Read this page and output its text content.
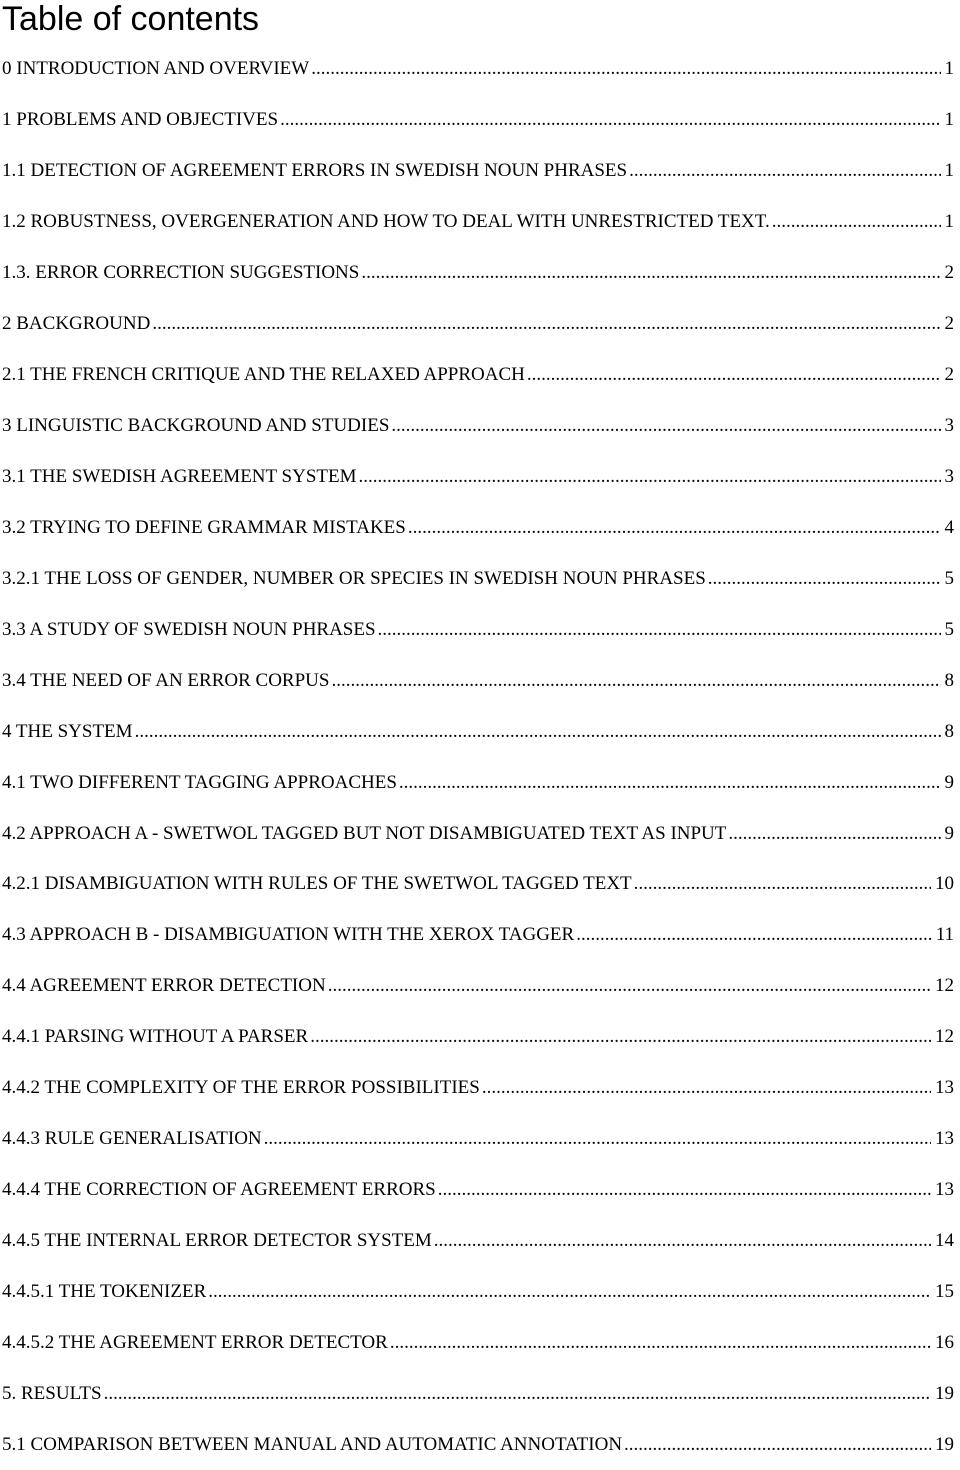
Table of contents
0 INTRODUCTION AND OVERVIEW .....	1
1 PROBLEMS AND OBJECTIVES .....	1
1.1 DETECTION OF AGREEMENT ERRORS IN SWEDISH NOUN PHRASES .....	1
1.2 ROBUSTNESS, OVERGENERATION AND HOW TO DEAL WITH UNRESTRICTED TEXT. .....	1
1.3. ERROR CORRECTION SUGGESTIONS .....	2
2 BACKGROUND .....	2
2.1 THE FRENCH CRITIQUE AND THE RELAXED APPROACH .....	2
3 LINGUISTIC BACKGROUND AND STUDIES .....	3
3.1 THE SWEDISH AGREEMENT SYSTEM .....	3
3.2 TRYING TO DEFINE GRAMMAR MISTAKES .....	4
3.2.1 THE LOSS OF GENDER, NUMBER OR SPECIES IN SWEDISH NOUN PHRASES .....	5
3.3 A STUDY OF SWEDISH NOUN PHRASES .....	5
3.4 THE NEED OF AN ERROR CORPUS .....	8
4 THE SYSTEM .....	8
4.1 TWO DIFFERENT TAGGING APPROACHES .....	9
4.2 APPROACH A - SWETWOL TAGGED BUT NOT DISAMBIGUATED TEXT AS INPUT .....	9
4.2.1 DISAMBIGUATION WITH RULES OF THE SWETWOL TAGGED TEXT .....	10
4.3 APPROACH B - DISAMBIGUATION WITH THE XEROX TAGGER .....	11
4.4 AGREEMENT ERROR DETECTION .....	12
4.4.1 PARSING WITHOUT A PARSER .....	12
4.4.2 THE COMPLEXITY OF THE ERROR POSSIBILITIES .....	13
4.4.3 RULE GENERALISATION .....	13
4.4.4 THE CORRECTION OF AGREEMENT ERRORS .....	13
4.4.5 THE INTERNAL ERROR DETECTOR SYSTEM .....	14
4.4.5.1 THE TOKENIZER .....	15
4.4.5.2 THE AGREEMENT ERROR DETECTOR .....	16
5. RESULTS .....	19
5.1 COMPARISON BETWEEN MANUAL AND AUTOMATIC ANNOTATION .....	19
